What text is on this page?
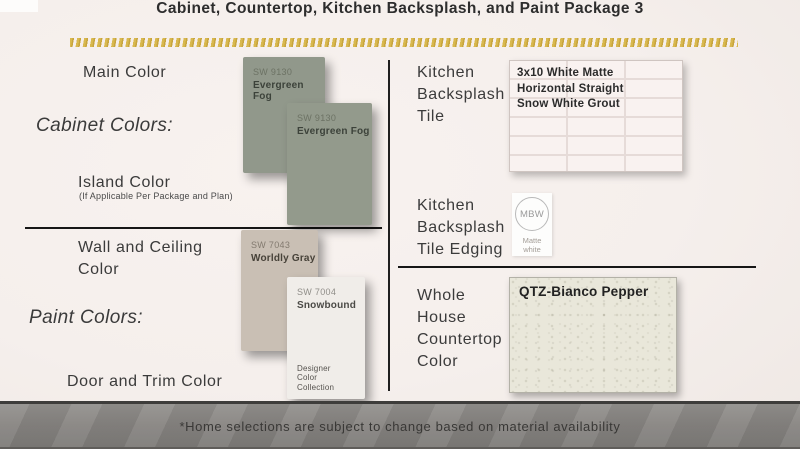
Cabinet, Countertop, Kitchen Backsplash, and Paint Package 3
Main Color
Cabinet Colors:
Island Color
(If Applicable Per Package and Plan)
SW 9130
Evergreen Fog
SW 9130
Evergreen Fog
Wall and Ceiling Color
Paint Colors:
Door and Trim Color
SW 7043
Worldly Gray
SW 7004
Snowbound
Designer Color Collection
Kitchen Backsplash Tile
3x10 White Matte Horizontal Straight Snow White Grout
Kitchen Backsplash Tile Edging
MBW
Matte white
Whole House Countertop Color
QTZ-Bianco Pepper
*Home selections are subject to change based on material availability
